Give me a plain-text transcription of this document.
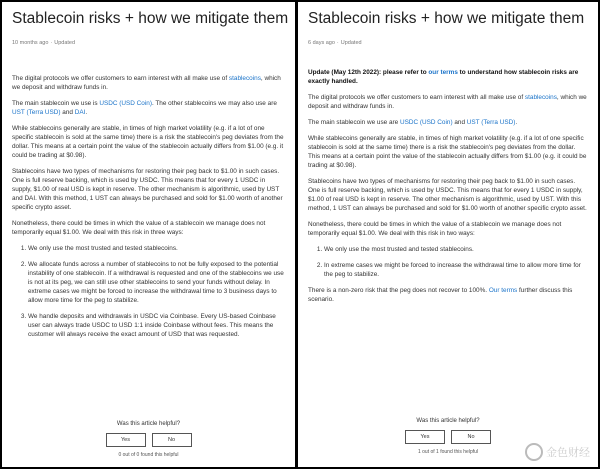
Stablecoin risks + how we mitigate them
10 months ago · Updated

The digital protocols we offer customers to earn interest with all make use of stablecoins, which we deposit and withdraw funds in.

The main stablecoin we use is USDC (USD Coin). The other stablecoins we may also use are UST (Terra USD) and DAI.

While stablecoins generally are stable, in times of high market volatility (e.g. if a lot of one specific stablecoin is sold at the same time) there is a risk the stablecoin's peg deviates from the dollar. This means at a certain point the value of the stablecoin actually differs from $1.00 (e.g. it could be trading at $0.98).

Stablecoins have two types of mechanisms for restoring their peg back to $1.00 in such cases. One is full reserve backing, which is used by USDC. This means that for every 1 USDC in supply, $1.00 of real USD is kept in reserve. The other mechanism is algorithmic, used by UST and DAI. With this method, 1 UST can always be purchased and sold for $1.00 worth of another specific crypto asset.

Nonetheless, there could be times in which the value of a stablecoin we manage does not temporarily equal $1.00. We deal with this risk in three ways:

1. We only use the most trusted and tested stablecoins.
2. We allocate funds across a number of stablecoins to not be fully exposed to the potential instability of one stablecoin. If a withdrawal is requested and one of the stablecoins we use is not at its peg, we can still use other stablecoins to send your funds without delay. In extreme cases we might be forced to increase the withdrawal time to 3 business days to allow more time for the peg to stabilize.
3. We handle deposits and withdrawals in USDC via Coinbase. Every US-based Coinbase user can always trade USDC to USD 1:1 inside Coinbase without fees. This means the customer will always receive the exact amount of USD that was requested.
Was this article helpful?
Yes	No
0 out of 0 found this helpful
Stablecoin risks + how we mitigate them
6 days ago · Updated

Update (May 12th 2022): please refer to our terms to understand how stablecoin risks are exactly handled.

The digital protocols we offer customers to earn interest with all make use of stablecoins, which we deposit and withdraw funds in.

The main stablecoin we use are USDC (USD Coin) and UST (Terra USD).

While stablecoins generally are stable, in times of high market volatility (e.g. if a lot of one specific stablecoin is sold at the same time) there is a risk the stablecoin's peg deviates from the dollar. This means at a certain point the value of the stablecoin actually differs from $1.00 (e.g. it could be trading at $0.98).

Stablecoins have two types of mechanisms for restoring their peg back to $1.00 in such cases. One is full reserve backing, which is used by USDC. This means that for every 1 USDC in supply, $1.00 of real USD is kept in reserve. The other mechanism is algorithmic, used by UST. With this method, 1 UST can always be purchased and sold for $1.00 worth of another specific crypto asset.

Nonetheless, there could be times in which the value of a stablecoin we manage does not temporarily equal $1.00. We deal with this risk in two ways:

1. We only use the most trusted and tested stablecoins.
2. In extreme cases we might be forced to increase the withdrawal time to allow more time for the peg to stabilize.

There is a non-zero risk that the peg does not recover to 100%. Our terms further discuss this scenario.

Was this article helpful?
Yes	No
1 out of 1 found this helpful	金色财经
